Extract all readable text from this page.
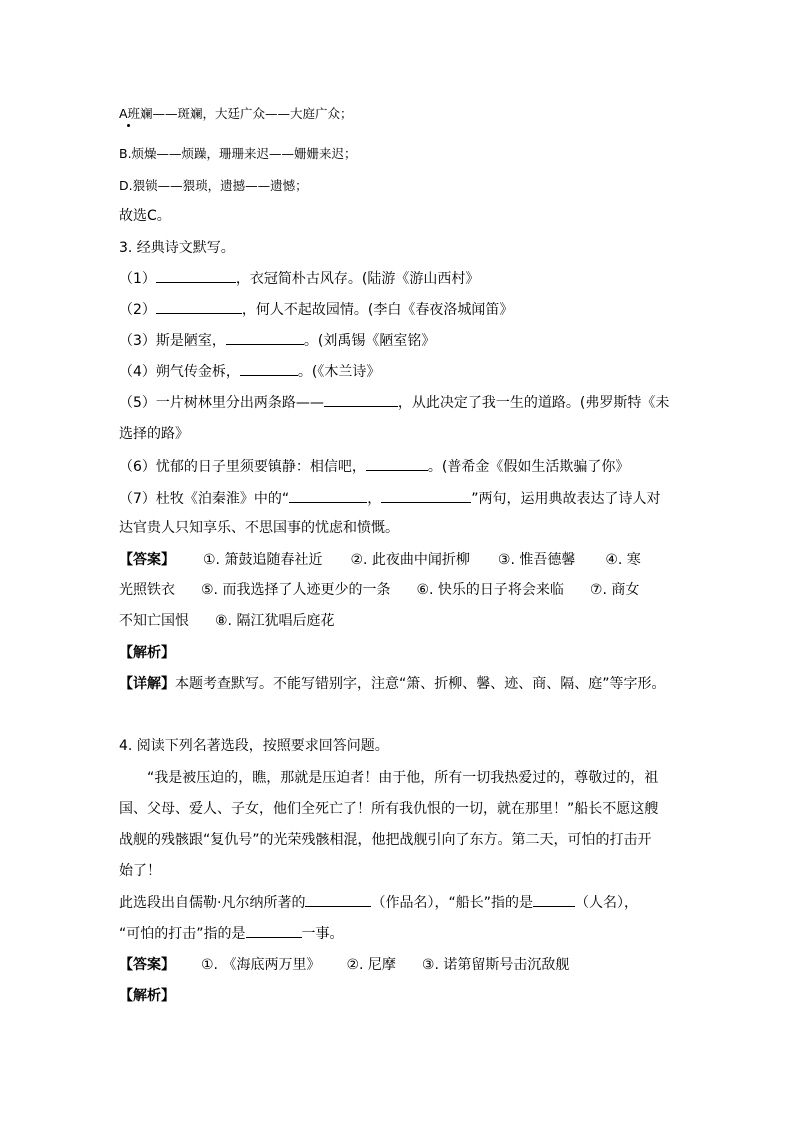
A班斓——斑斓，大廷广众——大庭广众；
B.烦燥——烦躁，珊珊来迟——姗姗来迟；
D.猥锁——猥琐，遗撼——遗憾；
故选C。
3. 经典诗文默写。
（1）	，衣冠简朴古风存。(陆游《游山西村》
（2）	，何人不起故园情。(李白《春夜洛城闻笛》
（3）斯是陋室，	。(刘禹锡《陋室铭》
（4）朔气传金柝，	。(《木兰诗》
（5）一片树林里分出两条路——	，从此决定了我一生的道路。(弗罗斯特《未
选择的路》
（6）忧郁的日子里须要镇静：相信吧，	。(普希金《假如生活欺骗了你》
（7）杜牧《泊秦淮》中的“	，	”两句，运用典故表达了诗人对
达官贵人只知享乐、不思国事的忧虑和愤慨。
【答案】 ①. 箫鼓追随春社近 ②. 此夜曲中闻折柳 ③. 惟吾德馨 ④. 寒
光照铁衣 ⑤. 而我选择了人迹更少的一条 ⑥. 快乐的日子将会来临 ⑦. 商女
不知亡国恨 ⑧. 隔江犹唱后庭花
【解析】
【详解】本题考查默写。不能写错别字，注意“箫、折柳、馨、迹、商、隔、庭”等字形。
4. 阅读下列名著选段，按照要求回答问题。
“我是被压迫的，瞧，那就是压迫者！由于他，所有一切我热爱过的，尊敬过的，祖
国、父母、爱人、子女，他们全死亡了！所有我仇恨的一切，就在那里！”船长不愿这艘
战舰的残骸跟“复仇号”的光荣残骸相混，他把战舰引向了东方。第二天，可怕的打击开
始了！
此选段出自儒勒·凡尔纳所著的	（作品名），“船长”指的是	（人名），
“可怕的打击”指的是	一事。
【答案】 ①. 《海底两万里》 ②. 尼摩 ③. 诺第留斯号击沉敌舰
【解析】
